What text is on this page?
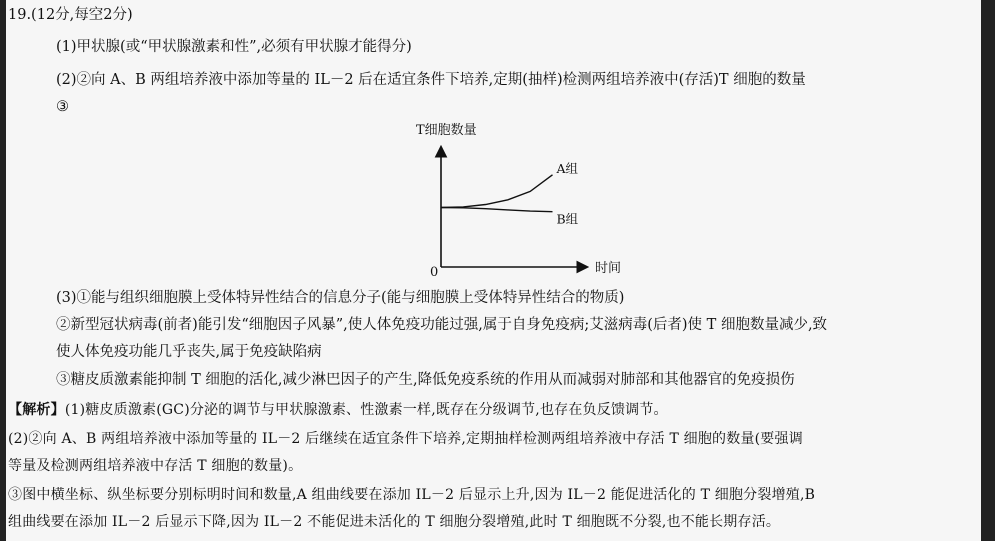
19.(12分,每空2分)
(1)甲状腺(或“甲状腺激素和性”,必须有甲状腺才能得分)
(2)②向 A、B 两组培养液中添加等量的 IL－2 后在适宜条件下培养,定期(抽样)检测两组培养液中(存活)T 细胞的数量
③
T细胞数量
0	时间
A组
B组
(3)①能与组织细胞膜上受体特异性结合的信息分子(能与细胞膜上受体特异性结合的物质)
②新型冠状病毒(前者)能引发“细胞因子风暴”,使人体免疫功能过强,属于自身免疫病;艾滋病毒(后者)使 T 细胞数量减少,致
使人体免疫功能几乎丧失,属于免疫缺陷病
③糖皮质激素能抑制 T 细胞的活化,减少淋巴因子的产生,降低免疫系统的作用从而减弱对肺部和其他器官的免疫损伤
【解析】(1)糖皮质激素(GC)分泌的调节与甲状腺激素、性激素一样,既存在分级调节,也存在负反馈调节。
(2)②向 A、B 两组培养液中添加等量的 IL－2 后继续在适宜条件下培养,定期抽样检测两组培养液中存活 T 细胞的数量(要强调
等量及检测两组培养液中存活 T 细胞的数量)。
③图中横坐标、纵坐标要分别标明时间和数量,A 组曲线要在添加 IL－2 后显示上升,因为 IL－2 能促进活化的 T 细胞分裂增殖,B
组曲线要在添加 IL－2 后显示下降,因为 IL－2 不能促进未活化的 T 细胞分裂增殖,此时 T 细胞既不分裂,也不能长期存活。
